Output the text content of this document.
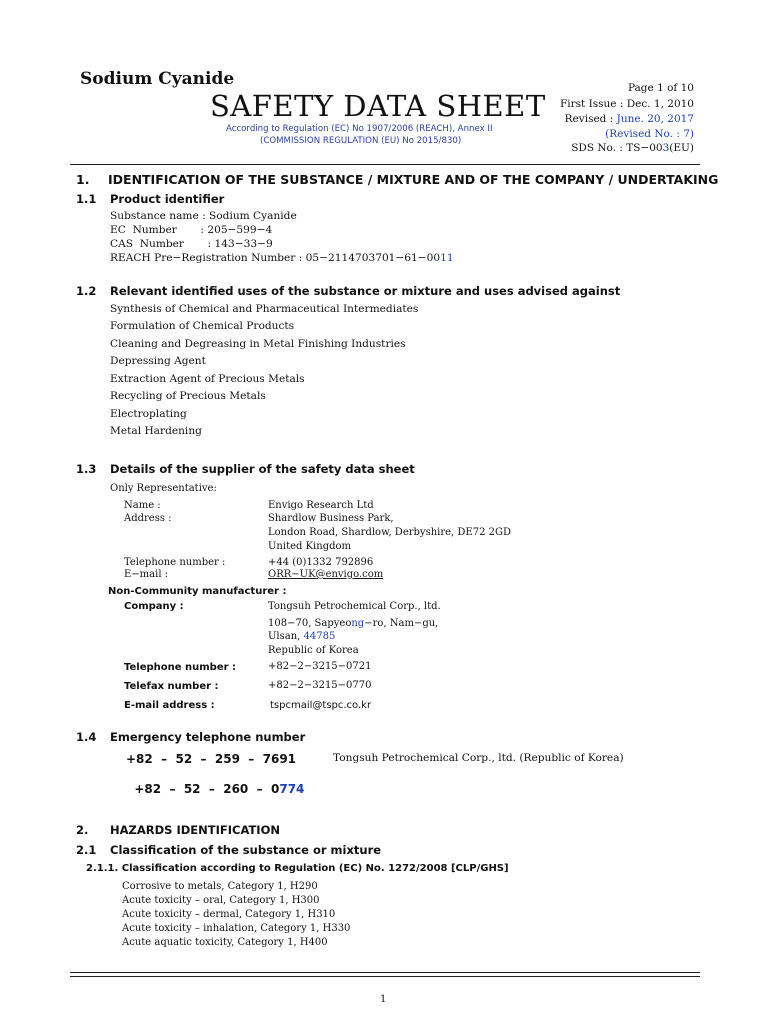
Sodium Cyanide
SAFETY DATA SHEET
According to Regulation (EC) No 1907/2006 (REACH), Annex II
(COMMISSION REGULATION (EU) No 2015/830)
Page 1 of 10
First Issue : Dec. 1, 2010
Revised : June. 20, 2017
(Revised No. : 7)
SDS No. : TS−003(EU)
1. IDENTIFICATION OF THE SUBSTANCE / MIXTURE AND OF THE COMPANY / UNDERTAKING
1.1 Product identifier
Substance name : Sodium Cyanide
EC  Number       : 205−599−4
CAS  Number       : 143−33−9
REACH Pre−Registration Number : 05−2114703701−61−0011
1.2 Relevant identified uses of the substance or mixture and uses advised against
Synthesis of Chemical and Pharmaceutical Intermediates
Formulation of Chemical Products
Cleaning and Degreasing in Metal Finishing Industries
Depressing Agent
Extraction Agent of Precious Metals
Recycling of Precious Metals
Electroplating
Metal Hardening
1.3 Details of the supplier of the safety data sheet
Only Representative:
Name :	Envigo Research Ltd
Address :	Shardlow Business Park,
London Road, Shardlow, Derbyshire, DE72 2GD
United Kingdom
Telephone number :	+44 (0)1332 792896
E−mail :	ORR−UK@envigo.com
Non-Community manufacturer :
Company :	Tongsuh Petrochemical Corp., ltd.
108−70, Sapyeong−ro, Nam−gu,
Ulsan, 44785
Republic of Korea
Telephone number :	+82−2−3215−0721
Telefax number :	+82−2−3215−0770
E-mail address :	tspcmail@tspc.co.kr
1.4 Emergency telephone number
+82  –  52  –  259  –  7691	Tongsuh Petrochemical Corp., ltd. (Republic of Korea)

+82  –  52  –  260  –  0774

2. HAZARDS IDENTIFICATION
2.1 Classification of the substance or mixture
2.1.1. Classification according to Regulation (EC) No. 1272/2008 [CLP/GHS]
Corrosive to metals, Category 1, H290
Acute toxicity – oral, Category 1, H300
Acute toxicity – dermal, Category 1, H310
Acute toxicity – inhalation, Category 1, H330
Acute aquatic toxicity, Category 1, H400
1
